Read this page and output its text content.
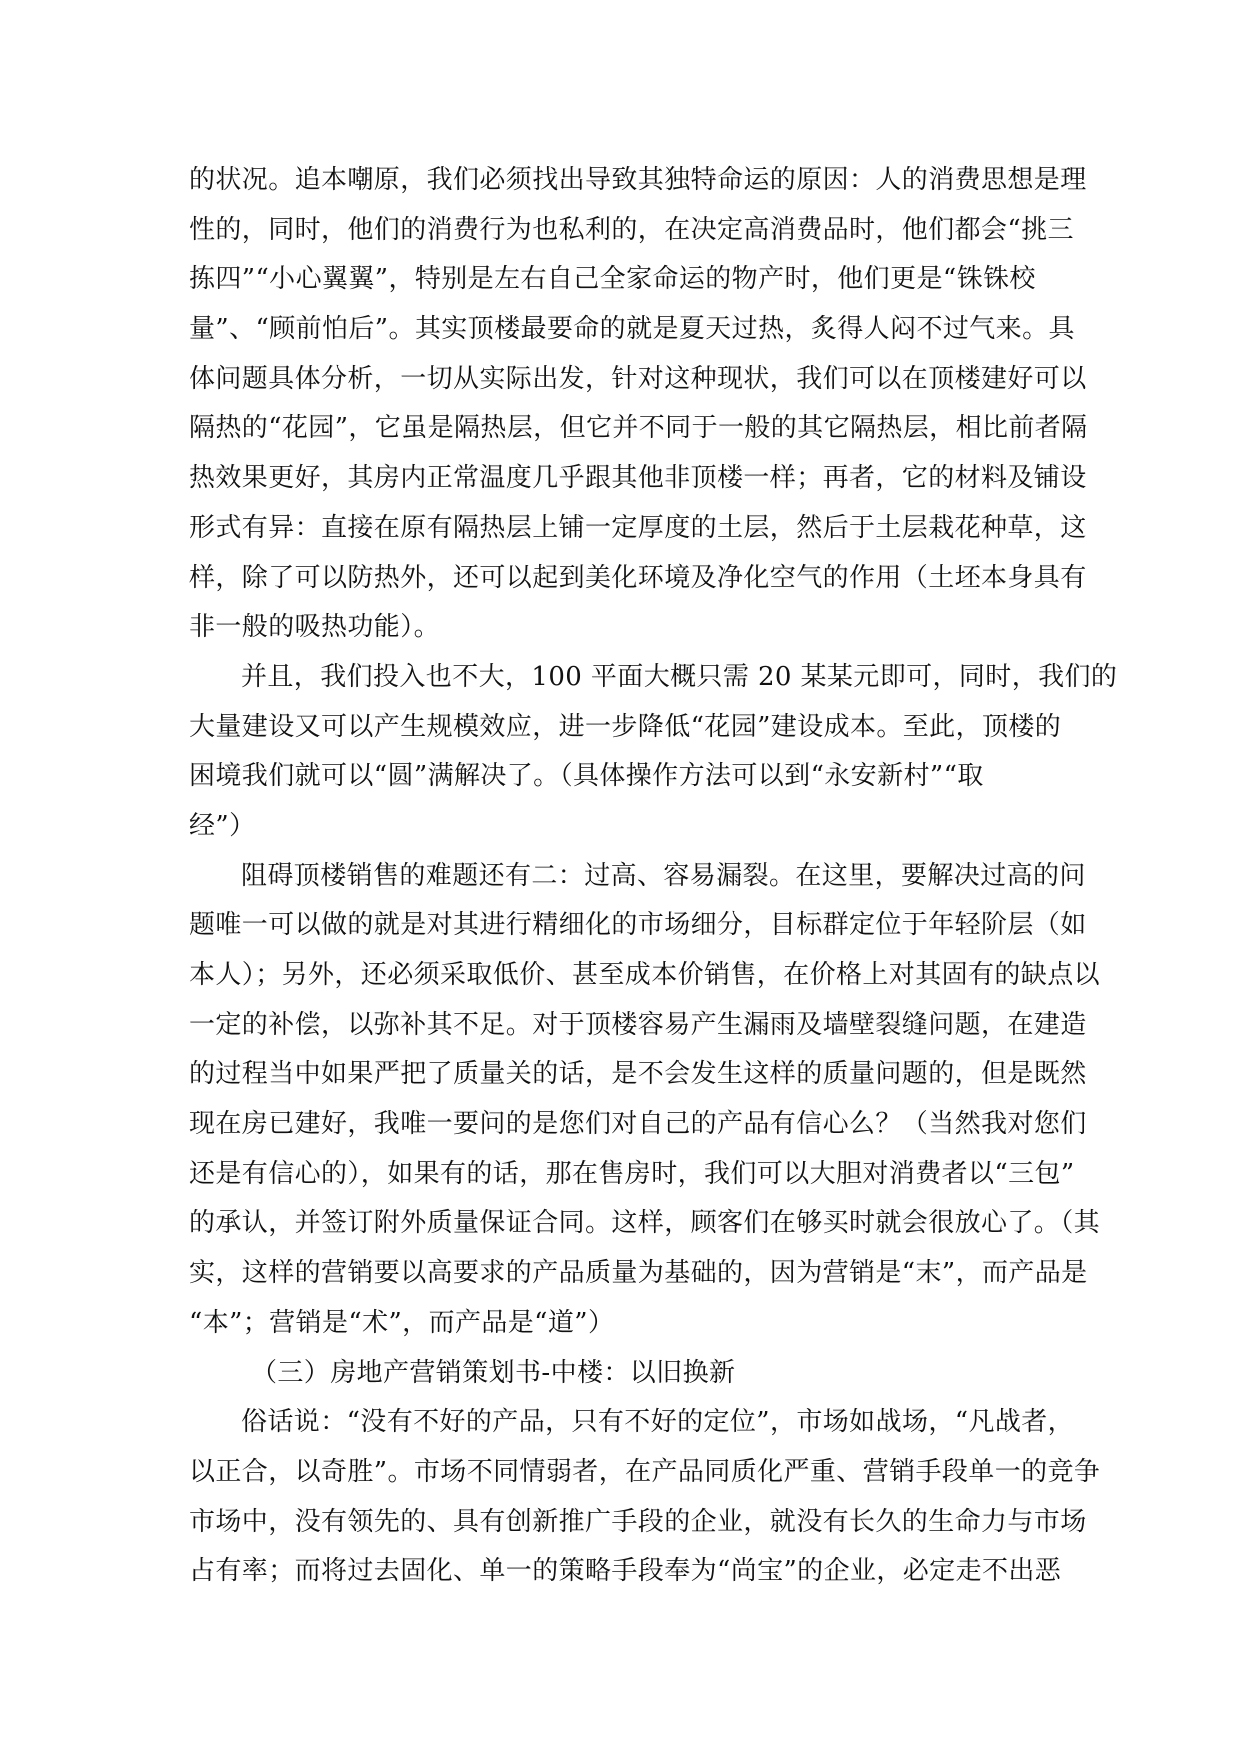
的状况。追本嘲原，我们必须找出导致其独特命运的原因：人的消费思想是理
性的，同时，他们的消费行为也私利的，在决定高消费品时，他们都会“挑三
拣四”“小心翼翼”，特别是左右自己全家命运的物产时，他们更是“铢铢校
量”、“顾前怕后”。其实顶楼最要命的就是夏天过热，炙得人闷不过气来。具
体问题具体分析，一切从实际出发，针对这种现状，我们可以在顶楼建好可以
隔热的“花园”，它虽是隔热层，但它并不同于一般的其它隔热层，相比前者隔
热效果更好，其房内正常温度几乎跟其他非顶楼一样；再者，它的材料及铺设
形式有异：直接在原有隔热层上铺一定厚度的土层，然后于土层栽花种草，这
样，除了可以防热外，还可以起到美化环境及净化空气的作用（土坯本身具有
非一般的吸热功能）。
并且，我们投入也不大，100 平面大概只需 20 某某元即可，同时，我们的
大量建设又可以产生规模效应，进一步降低“花园”建设成本。至此，顶楼的
困境我们就可以“圆”满解决了。（具体操作方法可以到“永安新村”“取
经”）
阻碍顶楼销售的难题还有二：过高、容易漏裂。在这里，要解决过高的问
题唯一可以做的就是对其进行精细化的市场细分，目标群定位于年轻阶层（如
本人）；另外，还必须采取低价、甚至成本价销售，在价格上对其固有的缺点以
一定的补偿，以弥补其不足。对于顶楼容易产生漏雨及墙壁裂缝问题，在建造
的过程当中如果严把了质量关的话，是不会发生这样的质量问题的，但是既然
现在房已建好，我唯一要问的是您们对自己的产品有信心么？（当然我对您们
还是有信心的），如果有的话，那在售房时，我们可以大胆对消费者以“三包”
的承认，并签订附外质量保证合同。这样，顾客们在够买时就会很放心了。（其
实，这样的营销要以高要求的产品质量为基础的，因为营销是“末”，而产品是
“本”；营销是“术”，而产品是“道”）
（三）房地产营销策划书-中楼：以旧换新
俗话说：“没有不好的产品，只有不好的定位”，市场如战场，“凡战者，
以正合，以奇胜”。市场不同情弱者，在产品同质化严重、营销手段单一的竞争
市场中，没有领先的、具有创新推广手段的企业，就没有长久的生命力与市场
占有率；而将过去固化、单一的策略手段奉为“尚宝”的企业，必定走不出恶
